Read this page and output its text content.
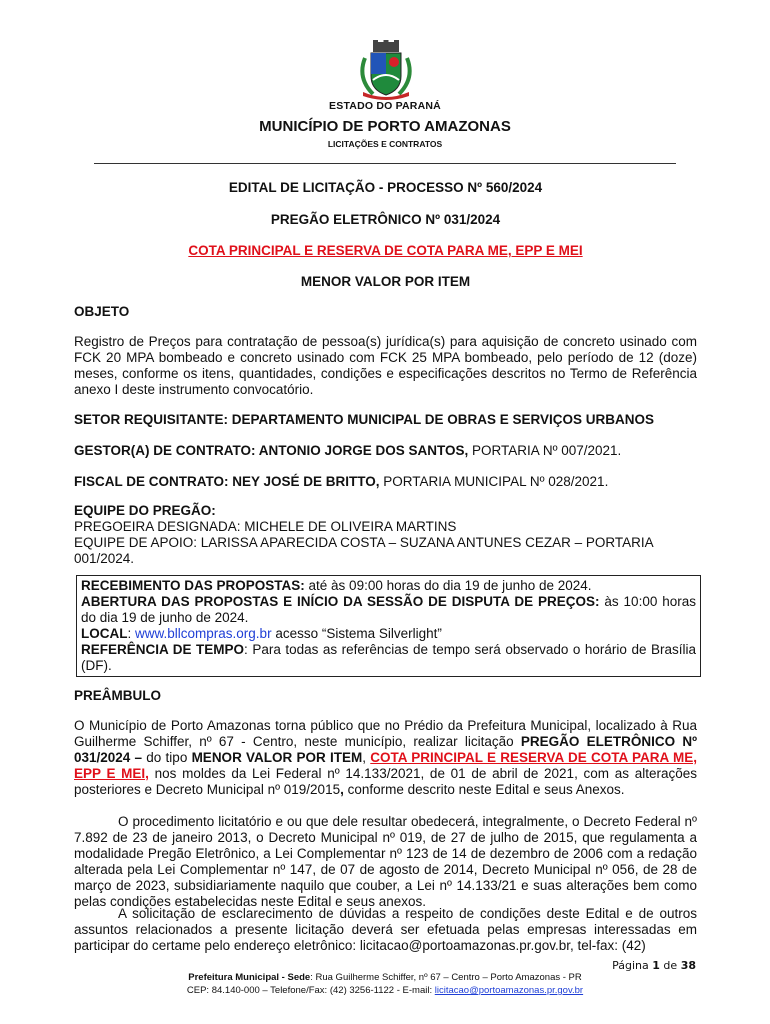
ESTADO DO PARANÁ
MUNICÍPIO DE PORTO AMAZONAS
LICITAÇÕES E CONTRATOS
EDITAL DE LICITAÇÃO - PROCESSO Nº 560/2024
PREGÃO ELETRÔNICO Nº 031/2024
COTA PRINCIPAL E RESERVA DE COTA PARA ME, EPP E MEI
MENOR VALOR POR ITEM
OBJETO
Registro de Preços para contratação de pessoa(s) jurídica(s) para aquisição de concreto usinado com FCK 20 MPA bombeado e concreto usinado com FCK 25 MPA bombeado, pelo período de 12 (doze) meses, conforme os itens, quantidades, condições e especificações descritos no Termo de Referência anexo I deste instrumento convocatório.
SETOR REQUISITANTE: DEPARTAMENTO MUNICIPAL DE OBRAS E SERVIÇOS URBANOS
GESTOR(A) DE CONTRATO: ANTONIO JORGE DOS SANTOS, PORTARIA Nº 007/2021.
FISCAL DE CONTRATO: NEY JOSÉ DE BRITTO, PORTARIA MUNICIPAL Nº 028/2021.
EQUIPE DO PREGÃO:
PREGOEIRA DESIGNADA: MICHELE DE OLIVEIRA MARTINS
EQUIPE DE APOIO: LARISSA APARECIDA COSTA – SUZANA ANTUNES CEZAR – PORTARIA 001/2024.

RECEBIMENTO DAS PROPOSTAS: até às 09:00 horas do dia 19 de junho de 2024.

ABERTURA DAS PROPOSTAS E INÍCIO DA SESSÃO DE DISPUTA DE PREÇOS: às 10:00 horas do dia 19 de junho de 2024.

LOCAL: www.bllcompras.org.br acesso “Sistema Silverlight”

REFERÊNCIA DE TEMPO: Para todas as referências de tempo será observado o horário de Brasília (DF).

PREÂMBULO
O Município de Porto Amazonas torna público que no Prédio da Prefeitura Municipal, localizado à Rua Guilherme Schiffer, nº 67 - Centro, neste município, realizar licitação PREGÃO ELETRÔNICO Nº 031/2024 – do tipo MENOR VALOR POR ITEM, COTA PRINCIPAL E RESERVA DE COTA PARA ME, EPP E MEI, nos moldes da Lei Federal nº 14.133/2021, de 01 de abril de 2021, com as alterações posteriores e Decreto Municipal nº 019/2015, conforme descrito neste Edital e seus Anexos.
O procedimento licitatório e ou que dele resultar obedecerá, integralmente, o Decreto Federal nº 7.892 de 23 de janeiro 2013, o Decreto Municipal nº 019, de 27 de julho de 2015, que regulamenta a modalidade Pregão Eletrônico, a Lei Complementar nº 123 de 14 de dezembro de 2006 com a redação alterada pela Lei Complementar nº 147, de 07 de agosto de 2014, Decreto Municipal nº 056, de 28 de março de 2023, subsidiariamente naquilo que couber, a Lei nº 14.133/21 e suas alterações bem como pelas condições estabelecidas neste Edital e seus anexos.
A solicitação de esclarecimento de dúvidas a respeito de condições deste Edital e de outros assuntos relacionados a presente licitação deverá ser efetuada pelas empresas interessadas em participar do certame pelo endereço eletrônico: licitacao@portoamazonas.pr.gov.br, tel-fax: (42)
Página 1 de 38
Prefeitura Municipal - Sede: Rua Guilherme Schiffer, nº 67 – Centro – Porto Amazonas - PR
CEP: 84.140-000 – Telefone/Fax: (42) 3256-1122 - E-mail: licitacao@portoamazonas.pr.gov.br
